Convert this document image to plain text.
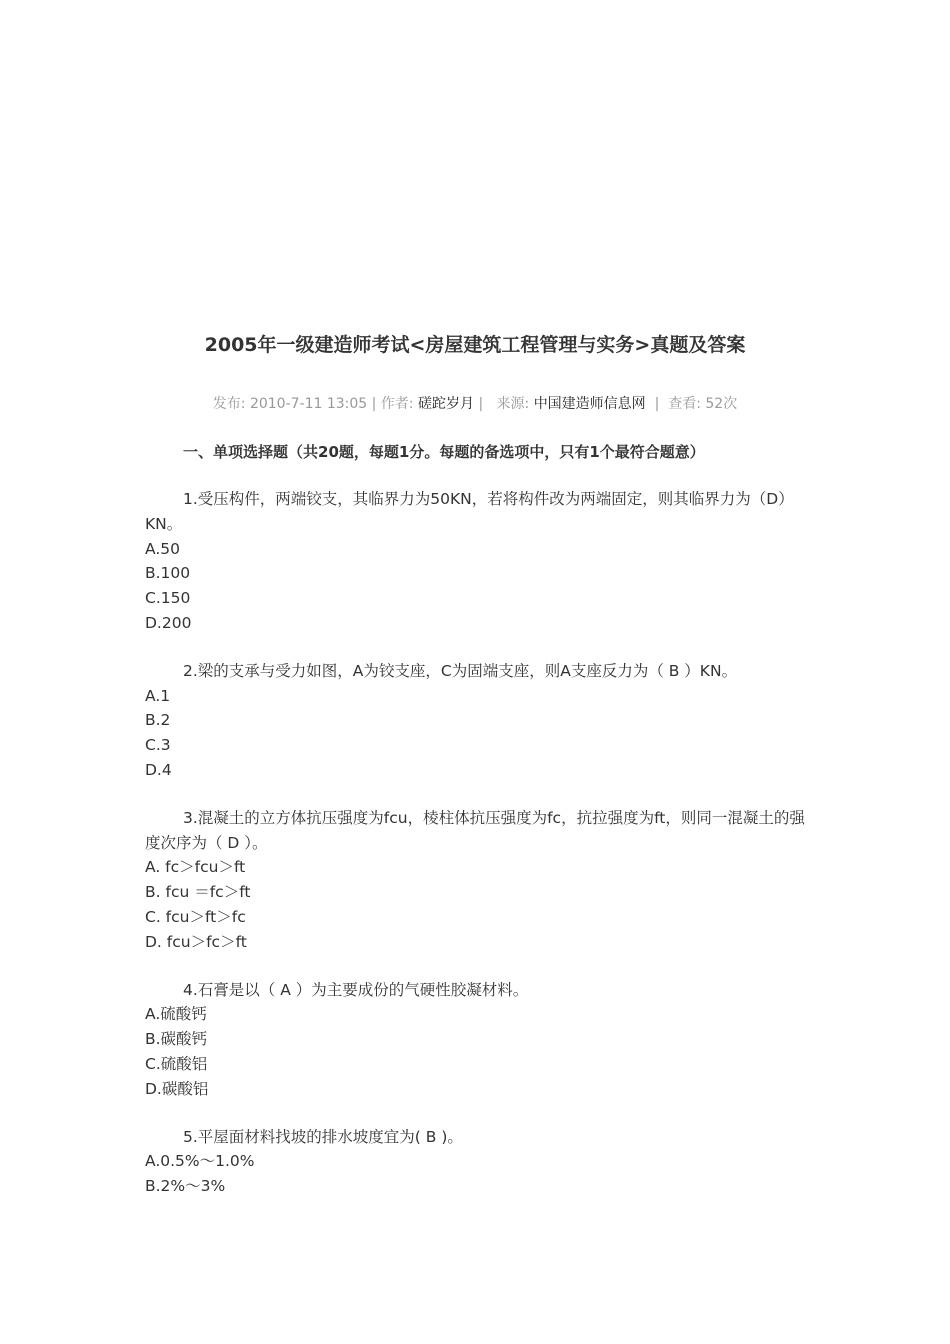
2005年一级建造师考试<房屋建筑工程管理与实务>真题及答案
发布: 2010-7-11 13:05 | 作者: 磋跎岁月 | 来源: 中国建造师信息网 | 查看: 52次
一、单项选择题（共20题，每题1分。每题的备选项中，只有1个最符合题意）
1.受压构件，两端铰支，其临界力为50KN，若将构件改为两端固定，则其临界力为（D）KN。
A.50
B.100
C.150
D.200
2.梁的支承与受力如图，A为铰支座，C为固端支座，则A支座反力为（ B ）KN。
A.1
B.2
C.3
D.4
3.混凝土的立方体抗压强度为fcu，棱柱体抗压强度为fc，抗拉强度为ft，则同一混凝土的强度次序为（ D ）。
A. fc＞fcu＞ft
B. fcu ＝fc＞ft
C. fcu＞ft＞fc
D. fcu＞fc＞ft
4.石膏是以（ A ）为主要成份的气硬性胶凝材料。
A.硫酸钙
B.碳酸钙
C.硫酸铝
D.碳酸铝
5.平屋面材料找坡的排水坡度宜为( B )。
A.0.5%～1.0%
B.2%～3%
